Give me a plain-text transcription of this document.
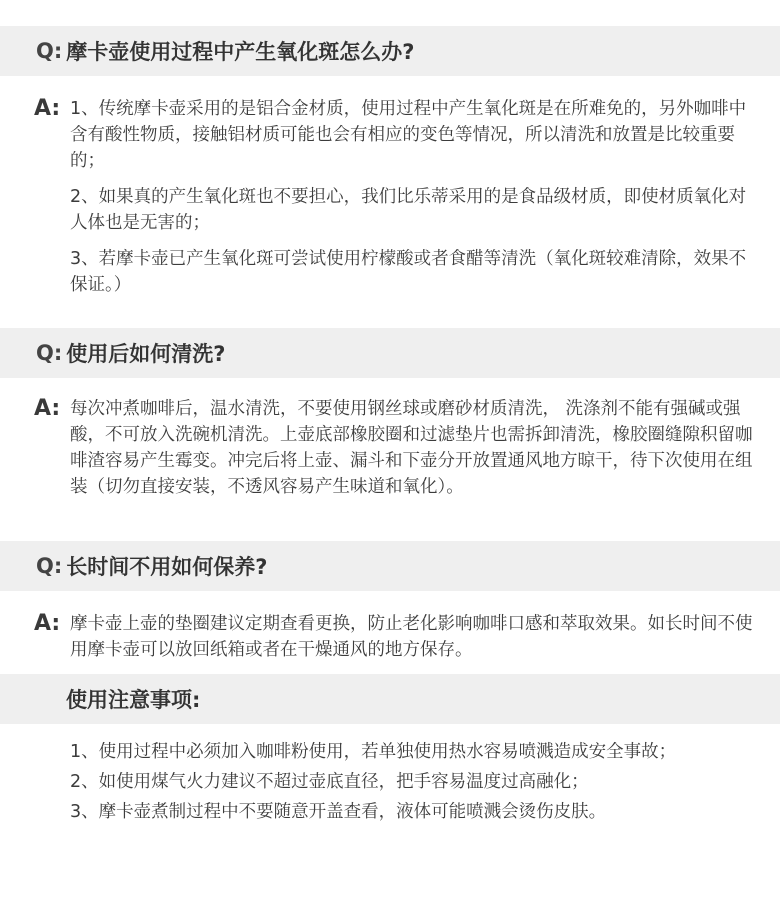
Q: 摩卡壶使用过程中产生氧化斑怎么办?
A: 1、传统摩卡壶采用的是铝合金材质，使用过程中产生氧化斑是在所难免的，另外咖啡中含有酸性物质，接触铝材质可能也会有相应的变色等情况，所以清洗和放置是比较重要的；

2、如果真的产生氧化斑也不要担心，我们比乐蒂采用的是食品级材质，即使材质氧化对人体也是无害的；

3、若摩卡壶已产生氧化斑可尝试使用柠檬酸或者食醋等清洗（氧化斑较难清除，效果不保证。）

Q: 使用后如何清洗?
A: 每次冲煮咖啡后，温水清洗，不要使用钢丝球或磨砂材质清洗， 洗涤剂不能有强碱或强酸，不可放入洗碗机清洗。上壶底部橡胶圈和过滤垫片也需拆卸清洗，橡胶圈缝隙积留咖啡渣容易产生霉变。冲完后将上壶、漏斗和下壶分开放置通风地方晾干，待下次使用在组装（切勿直接安装，不透风容易产生味道和氧化）。

Q: 长时间不用如何保养?
A: 摩卡壶上壶的垫圈建议定期查看更换，防止老化影响咖啡口感和萃取效果。如长时间不使用摩卡壶可以放回纸箱或者在干燥通风的地方保存。

使用注意事项:
1、使用过程中必须加入咖啡粉使用，若单独使用热水容易喷溅造成安全事故；
2、如使用煤气火力建议不超过壶底直径，把手容易温度过高融化；
3、摩卡壶煮制过程中不要随意开盖查看，液体可能喷溅会烫伤皮肤。
